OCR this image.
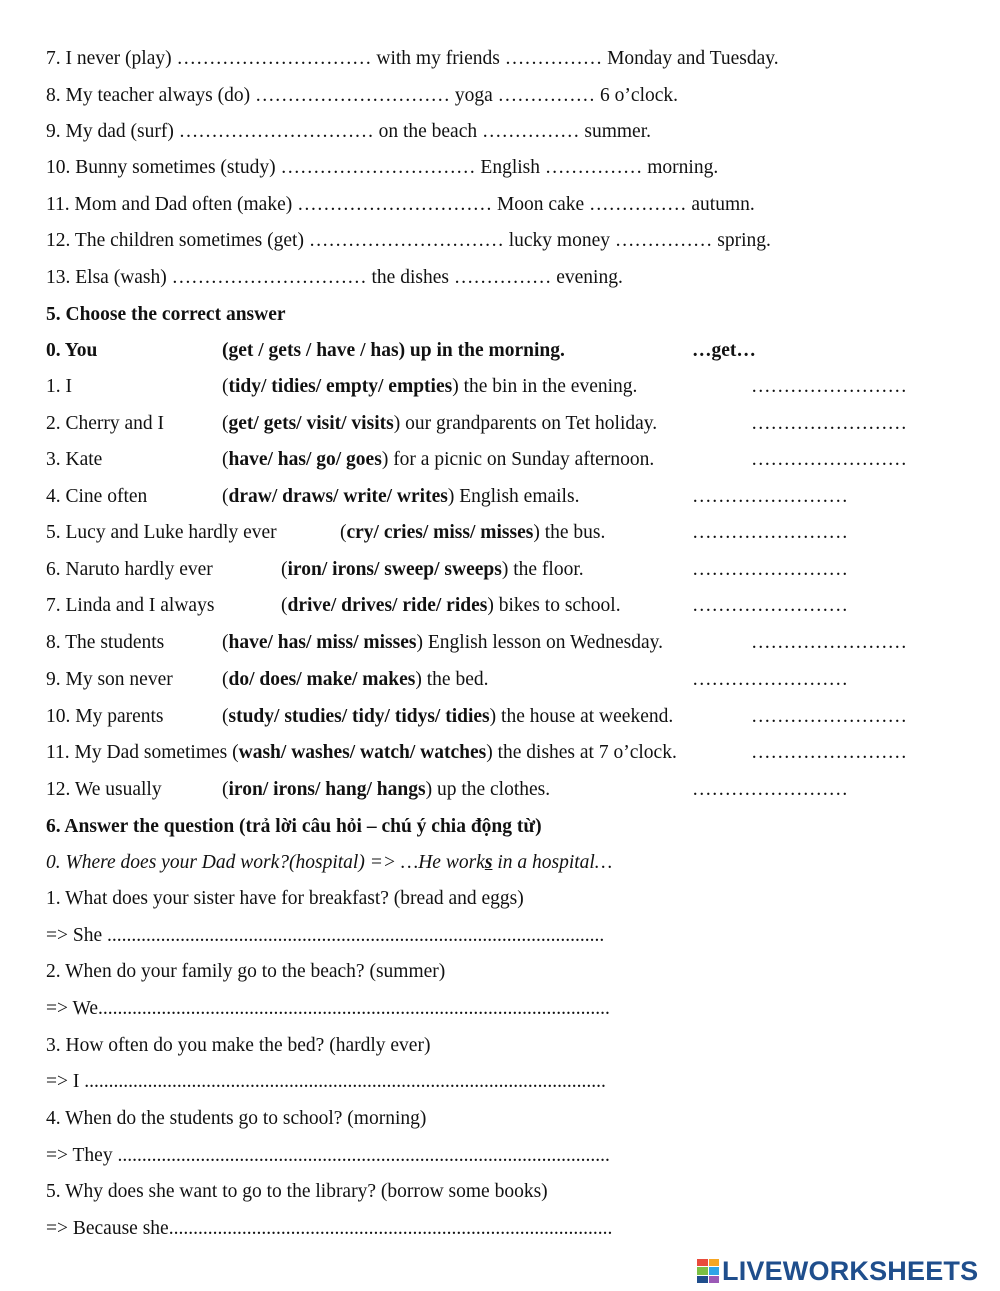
7. I never (play) ………………………… with my friends …………… Monday and Tuesday.
8. My teacher always (do) ………………………… yoga …………… 6 o’clock.
9. My dad (surf) ………………………… on the beach …………… summer.
10. Bunny sometimes (study) ………………………… English …………… morning.
11. Mom and Dad often (make) ………………………… Moon cake …………… autumn.
12. The children sometimes (get) ………………………… lucky money …………… spring.
13. Elsa (wash) ………………………… the dishes …………… evening.
5. Choose the correct answer
0. You	(get / gets / have / has) up in the morning.	…get…
1. I	(tidy/ tidies/ empty/ empties) the bin in the evening.	……………………
2. Cherry and I	(get/ gets/ visit/ visits) our grandparents on Tet holiday.	……………………
3. Kate	(have/ has/ go/ goes) for a picnic on Sunday afternoon.	……………………
4. Cine often	(draw/ draws/ write/ writes) English emails.	……………………
5. Lucy and Luke hardly ever	(cry/ cries/ miss/ misses) the bus.	……………………
6. Naruto hardly ever	(iron/ irons/ sweep/ sweeps) the floor.	……………………
7. Linda and I always	(drive/ drives/ ride/ rides) bikes to school.	……………………
8. The students	(have/ has/ miss/ misses) English lesson on Wednesday.	……………………
9. My son never	(do/ does/ make/ makes) the bed.	……………………
10. My parents	(study/ studies/ tidy/ tidys/ tidies) the house at weekend.	……………………
11. My Dad sometimes (wash/ washes/ watch/ watches) the dishes at 7 o’clock.	……………………
12. We usually	(iron/ irons/ hang/ hangs) up the clothes.	……………………
6. Answer the question (trả lời câu hỏi – chú ý chia động từ)
0. Where does your Dad work?(hospital) => …He works in a hospital…
1. What does your sister have for breakfast? (bread and eggs)
=> She ......................................................................................................
2. When do your family go to the beach? (summer)
=> We.........................................................................................................
3. How often do you make the bed? (hardly ever)
=> I ...........................................................................................................
4. When do the students go to school? (morning)
=> They .....................................................................................................
5. Why does she want to go to the library? (borrow some books)
=> Because she...........................................................................................
LIVEWORKSHEETS
